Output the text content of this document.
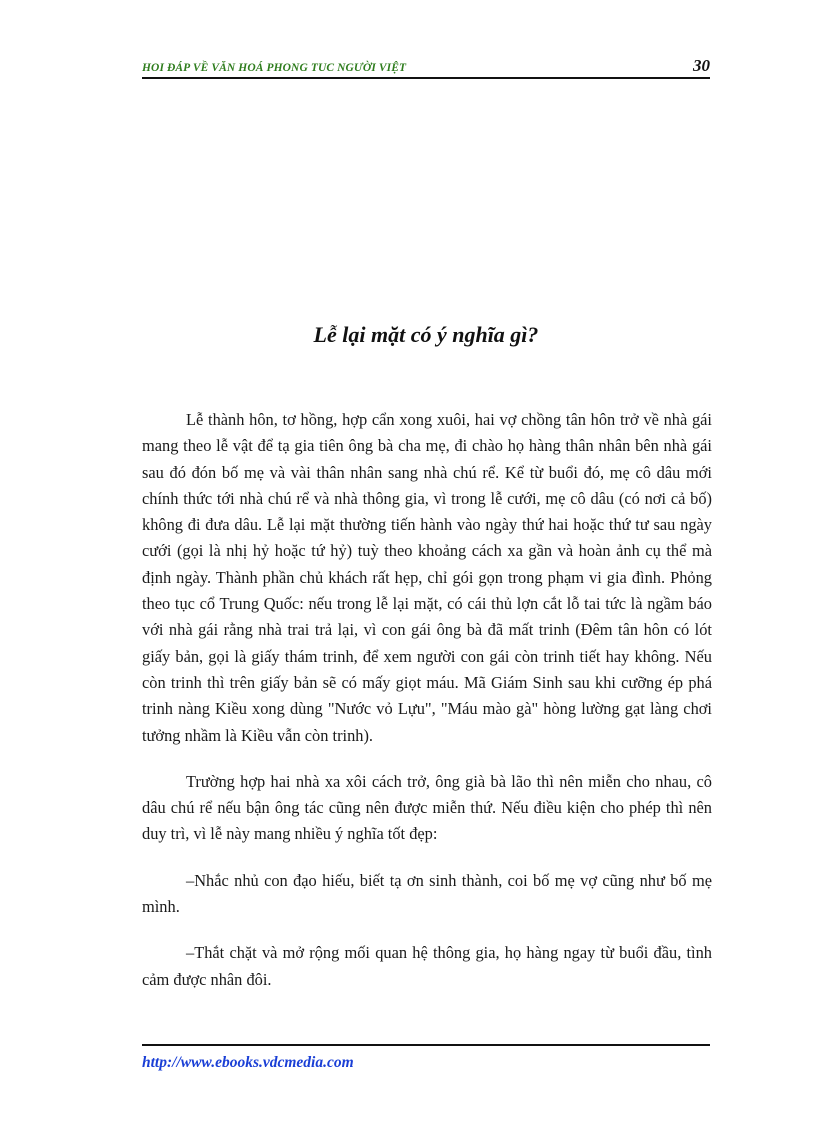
HOI ĐÁP VỀ VĂN HOÁ PHONG TUC NGƯỜI VIỆT	30
Lễ lại mặt có ý nghĩa gì?

Lễ thành hôn, tơ hồng, hợp cẩn xong xuôi, hai vợ chồng tân hôn trở về nhà gái mang theo lễ vật để tạ gia tiên ông bà cha mẹ, đi chào họ hàng thân nhân bên nhà gái sau đó đón bố mẹ và vài thân nhân sang nhà chú rể. Kể từ buổi đó, mẹ cô dâu mới chính thức tới nhà chú rể và nhà thông gia, vì trong lễ cưới, mẹ cô dâu (có nơi cả bố) không đi đưa dâu. Lễ lại mặt thường tiến hành vào ngày thứ hai hoặc thứ tư sau ngày cưới (gọi là nhị hỷ hoặc tứ hỷ) tuỳ theo khoảng cách xa gần và hoàn ảnh cụ thể mà định ngày. Thành phần chủ khách rất hẹp, chỉ gói gọn trong phạm vi gia đình. Phỏng theo tục cổ Trung Quốc: nếu trong lễ lại mặt, có cái thủ lợn cắt lỗ tai tức là ngầm báo với nhà gái rằng nhà trai trả lại, vì con gái ông bà đã mất trinh (Đêm tân hôn có lót giấy bản, gọi là giấy thám trinh, để xem người con gái còn trinh tiết hay không. Nếu còn trinh thì trên giấy bản sẽ có mấy giọt máu. Mã Giám Sinh sau khi cưỡng ép phá trinh nàng Kiều xong dùng "Nước vỏ Lựu", "Máu mào gà" hòng lường gạt làng chơi tưởng nhầm là Kiều vẫn còn trinh).

Trường hợp hai nhà xa xôi cách trở, ông già bà lão thì nên miễn cho nhau, cô dâu chú rể nếu bận ông tác cũng nên được miễn thứ. Nếu điều kiện cho phép thì nên duy trì, vì lễ này mang nhiều ý nghĩa tốt đẹp:

–Nhắc nhủ con đạo hiếu, biết tạ ơn sinh thành, coi bố mẹ vợ cũng như bố mẹ mình.

–Thắt chặt và mở rộng mối quan hệ thông gia, họ hàng ngay từ buổi đầu, tình cảm được nhân đôi.

http://www.ebooks.vdcmedia.com
